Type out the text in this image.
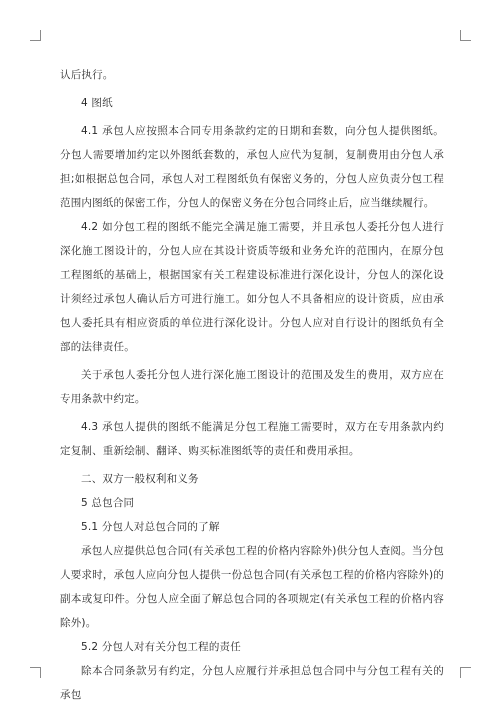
认后执行。

4 图纸

4.1 承包人应按照本合同专用条款约定的日期和套数，向分包人提供图纸。分包人需要增加约定以外图纸套数的，承包人应代为复制，复制费用由分包人承担;如根据总包合同，承包人对工程图纸负有保密义务的，分包人应负责分包工程范围内图纸的保密工作，分包人的保密义务在分包合同终止后，应当继续履行。

4.2 如分包工程的图纸不能完全满足施工需要，并且承包人委托分包人进行深化施工图设计的，分包人应在其设计资质等级和业务允许的范围内，在原分包工程图纸的基础上，根据国家有关工程建设标准进行深化设计，分包人的深化设计须经过承包人确认后方可进行施工。如分包人不具备相应的设计资质，应由承包人委托具有相应资质的单位进行深化设计。分包人应对自行设计的图纸负有全部的法律责任。

关于承包人委托分包人进行深化施工图设计的范围及发生的费用，双方应在专用条款中约定。

4.3 承包人提供的图纸不能满足分包工程施工需要时，双方在专用条款内约定复制、重新绘制、翻译、购买标准图纸等的责任和费用承担。

二、双方一般权利和义务

5 总包合同

5.1 分包人对总包合同的了解

承包人应提供总包合同(有关承包工程的价格内容除外)供分包人查阅。当分包人要求时，承包人应向分包人提供一份总包合同(有关承包工程的价格内容除外)的副本或复印件。分包人应全面了解总包合同的各项规定(有关承包工程的价格内容除外)。

5.2 分包人对有关分包工程的责任

除本合同条款另有约定，分包人应履行并承担总包合同中与分包工程有关的承包
